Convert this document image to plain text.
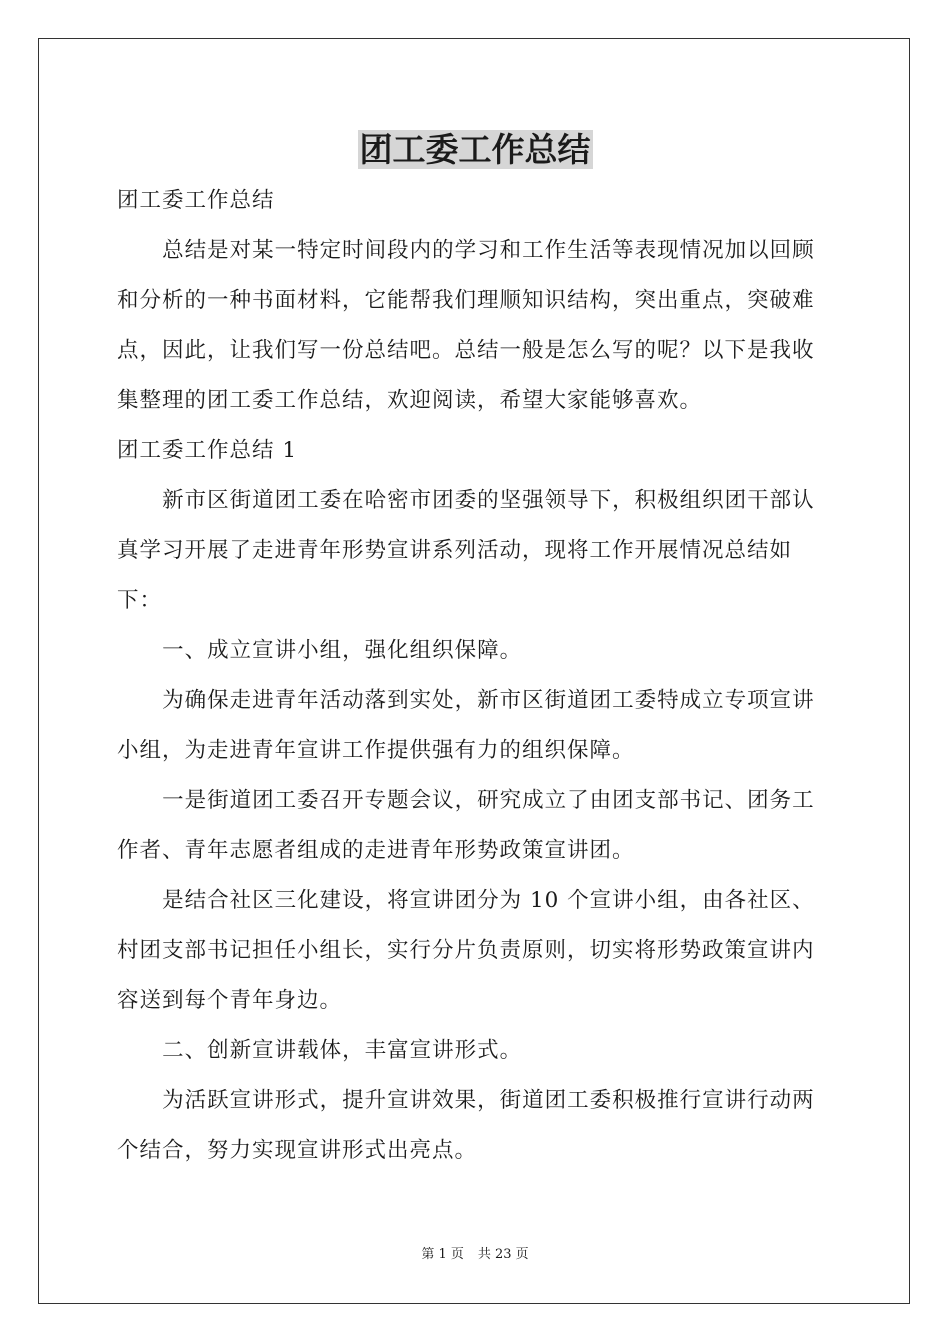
团工委工作总结

团工委工作总结

总结是对某一特定时间段内的学习和工作生活等表现情况加以回顾和分析的一种书面材料，它能帮我们理顺知识结构，突出重点，突破难点，因此，让我们写一份总结吧。总结一般是怎么写的呢？以下是我收集整理的团工委工作总结，欢迎阅读，希望大家能够喜欢。

团工委工作总结 1

新市区街道团工委在哈密市团委的坚强领导下，积极组织团干部认真学习开展了走进青年形势宣讲系列活动，现将工作开展情况总结如下：

一、成立宣讲小组，强化组织保障。

为确保走进青年活动落到实处，新市区街道团工委特成立专项宣讲小组，为走进青年宣讲工作提供强有力的组织保障。

一是街道团工委召开专题会议，研究成立了由团支部书记、团务工作者、青年志愿者组成的走进青年形势政策宣讲团。

是结合社区三化建设，将宣讲团分为 10 个宣讲小组，由各社区、村团支部书记担任小组长，实行分片负责原则，切实将形势政策宣讲内容送到每个青年身边。

二、创新宣讲载体，丰富宣讲形式。

为活跃宣讲形式，提升宣讲效果，街道团工委积极推行宣讲行动两个结合，努力实现宣讲形式出亮点。

第 1 页 共 23 页
